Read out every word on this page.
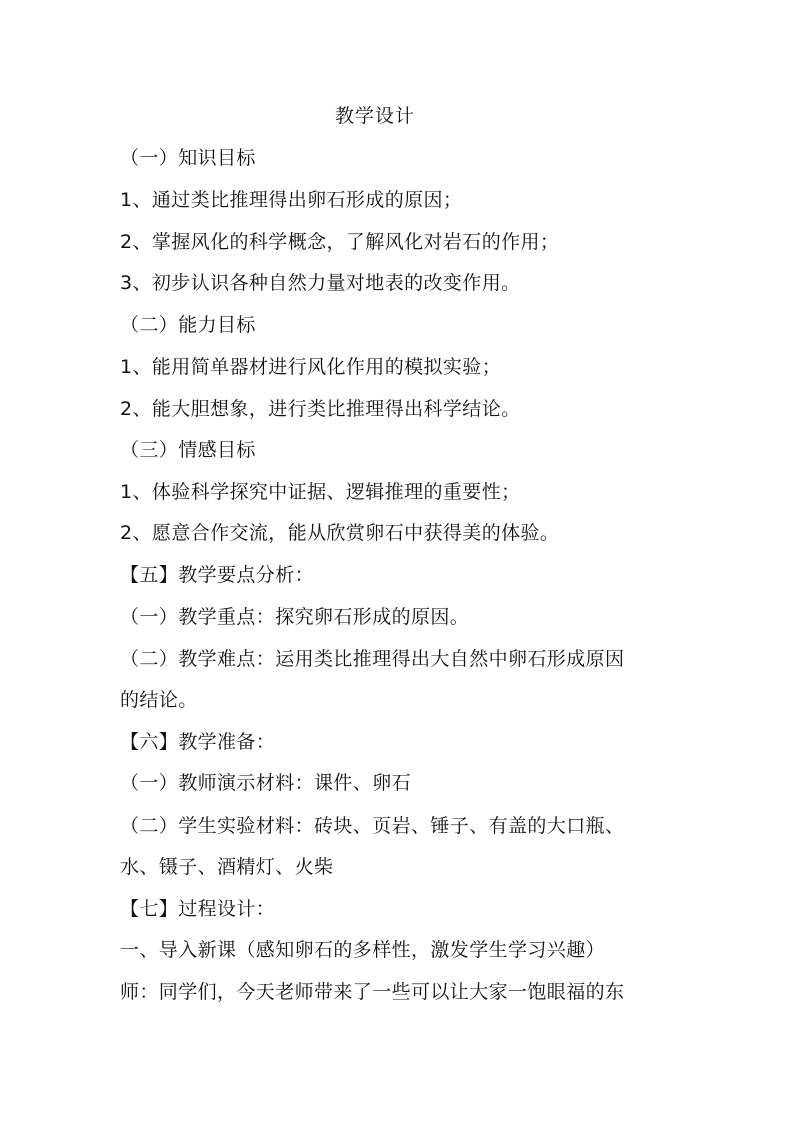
教学设计
（一）知识目标
1、通过类比推理得出卵石形成的原因；
2、掌握风化的科学概念，了解风化对岩石的作用；
3、初步认识各种自然力量对地表的改变作用。
（二）能力目标
1、能用简单器材进行风化作用的模拟实验；
2、能大胆想象，进行类比推理得出科学结论。
（三）情感目标
1、体验科学探究中证据、逻辑推理的重要性；
2、愿意合作交流，能从欣赏卵石中获得美的体验。
【五】教学要点分析：
（一）教学重点：探究卵石形成的原因。
（二）教学难点：运用类比推理得出大自然中卵石形成原因
的结论。
【六】教学准备：
（一）教师演示材料：课件、卵石
（二）学生实验材料：砖块、页岩、锤子、有盖的大口瓶、
水、镊子、酒精灯、火柴
【七】过程设计：
一、导入新课（感知卵石的多样性，激发学生学习兴趣）
师：同学们，今天老师带来了一些可以让大家一饱眼福的东
